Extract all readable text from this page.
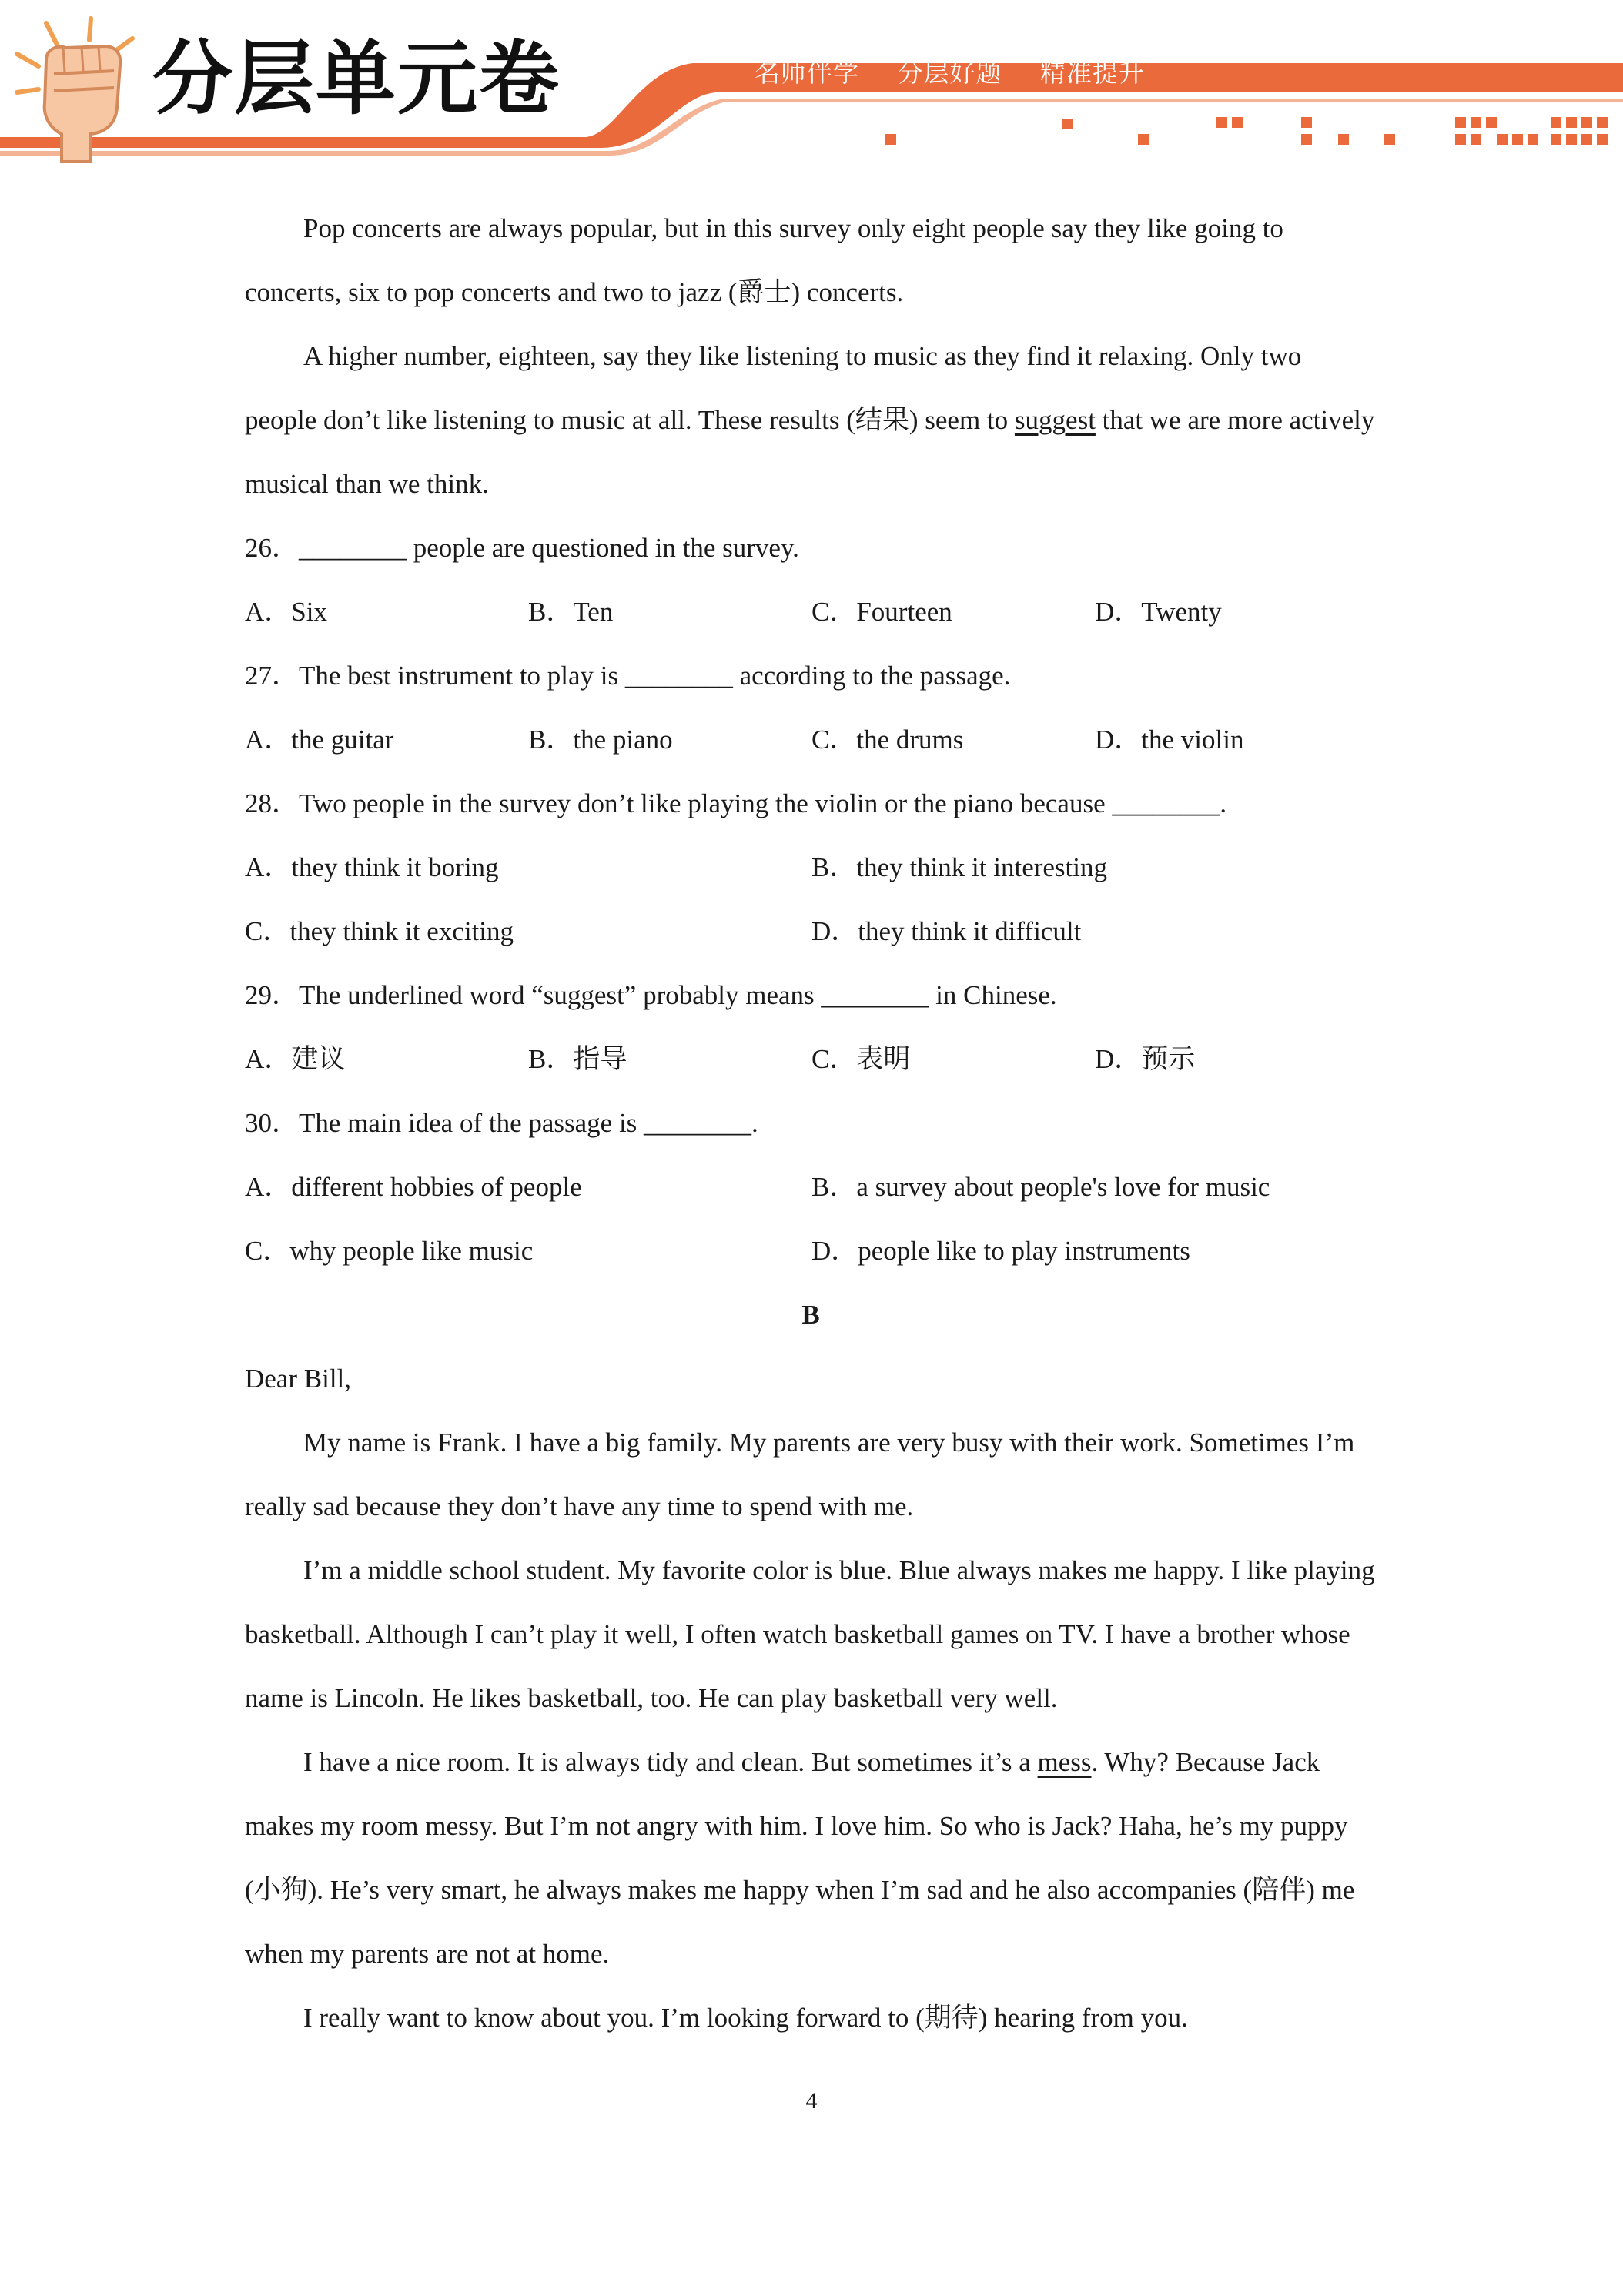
分层单元卷	名师伴学 分层好题 精准提升

Pop concerts are always popular, but in this survey only eight people say they like going to concerts, six to pop concerts and two to jazz (爵士) concerts.

A higher number, eighteen, say they like listening to music as they find it relaxing. Only two people don’t like listening to music at all. These results (结果) seem to suggest that we are more actively musical than we think.

26．________ people are questioned in the survey.

A．Six	B．Ten	C．Fourteen	D．Twenty

27．The best instrument to play is ________ according to the passage.

A．the guitar	B．the piano	C．the drums	D．the violin

28．Two people in the survey don’t like playing the violin or the piano because ________.

A．they think it boring	B．they think it interesting
C．they think it exciting	D．they think it difficult

29．The underlined word “suggest” probably means ________ in Chinese.

A．建议	B．指导	C．表明	D．预示

30．The main idea of the passage is ________.

A．different hobbies of people	B．a survey about people's love for music
C．why people like music	D．people like to play instruments

B

Dear Bill,

My name is Frank. I have a big family. My parents are very busy with their work. Sometimes I’m really sad because they don’t have any time to spend with me.

I’m a middle school student. My favorite color is blue. Blue always makes me happy. I like playing basketball. Although I can’t play it well, I often watch basketball games on TV. I have a brother whose name is Lincoln. He likes basketball, too. He can play basketball very well.

I have a nice room. It is always tidy and clean. But sometimes it’s a mess. Why? Because Jack makes my room messy. But I’m not angry with him. I love him. So who is Jack? Haha, he’s my puppy (小狗). He’s very smart, he always makes me happy when I’m sad and he also accompanies (陪伴) me when my parents are not at home.

I really want to know about you. I’m looking forward to (期待) hearing from you.

4
